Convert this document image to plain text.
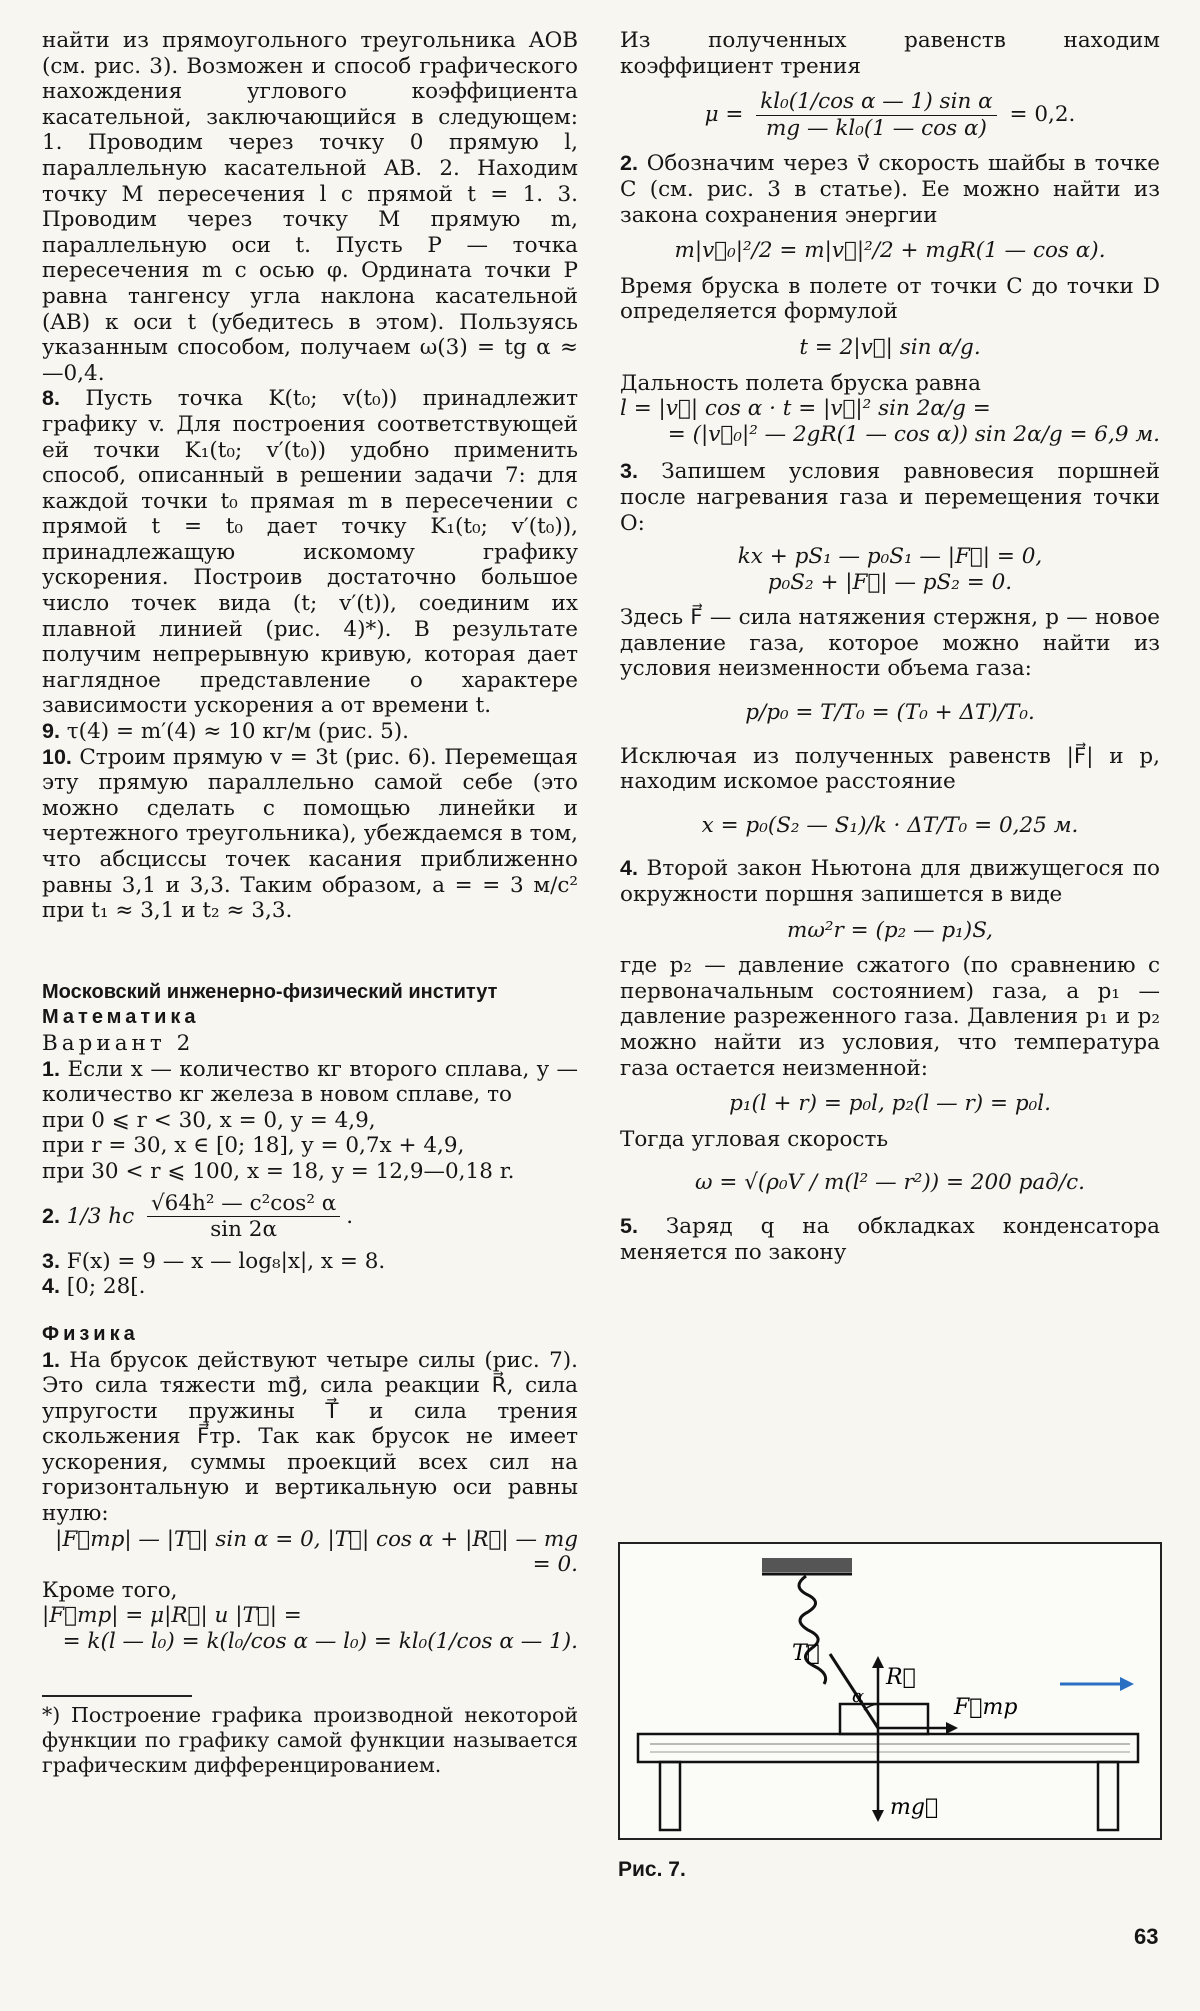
найти из прямоугольного треугольника AOB (см. рис. 3). Возможен и способ графического нахождения углового коэффициента касательной, заключающийся в следующем: 1. Проводим через точку 0 прямую l, параллельную касательной AB. 2. Находим точку M пересечения l с прямой t = 1. 3. Проводим через точку M прямую m, параллельную оси t. Пусть P — точка пересечения m с осью φ. Ордината точки P равна тангенсу угла наклона касательной (AB) к оси t (убедитесь в этом). Пользуясь указанным способом, получаем ω(3) = tg α ≈ —0,4.

8. Пусть точка K(t₀; v(t₀)) принадлежит графику v. Для построения соответствующей ей точки K₁(t₀; v′(t₀)) удобно применить способ, описанный в решении задачи 7: для каждой точки t₀ прямая m в пересечении с прямой t = t₀ дает точку K₁(t₀; v′(t₀)), принадлежащую искомому графику ускорения. Построив достаточно большое число точек вида (t; v′(t)), соединим их плавной линией (рис. 4)*). В результате получим непрерывную кривую, которая дает наглядное представление о характере зависимости ускорения a от времени t.

9. τ(4) = m′(4) ≈ 10 кг/м (рис. 5).

10. Строим прямую v = 3t (рис. 6). Перемещая эту прямую параллельно самой себе (это можно сделать с помощью линейки и чертежного треугольника), убеждаемся в том, что абсциссы точек касания приближенно равны 3,1 и 3,3. Таким образом, a = = 3 м/с² при t₁ ≈ 3,1 и t₂ ≈ 3,3.

Московский инженерно-физический институт

Математика

Вариант 2

1. Если x — количество кг второго сплава, y — количество кг железа в новом сплаве, то

при 0 ⩽ r < 30, x = 0, y = 4,9,

при r = 30, x ∈ [0; 18], y = 0,7x + 4,9,

при 30 < r ⩽ 100, x = 18, y = 12,9—0,18 r.

2. 1/3 hc $\frac{\text{√64h² — c²cos² α}}{\sin 2\alpha}$ .

3. F(x) = 9 — x — log₈|x|, x = 8.

4. [0; 28[.

Физика

1. На брусок действуют четыре силы (рис. 7). Это сила тяжести mg⃗, сила реакции R⃗, сила упругости пружины T⃗ и сила трения скольжения F⃗тр. Так как брусок не имеет ускорения, суммы проекций всех сил на горизонтальную и вертикальную оси равны нулю:

|F⃗тр| — |T⃗| sin α = 0, |T⃗| cos α + |R⃗| — mg = 0.

Кроме того,

|F⃗тр| = μ|R⃗| и |T⃗| =

= k(l — l₀) = k(l₀/cos α — l₀) = kl₀(1/cos α — 1).

*) Построение графика производной некоторой функции по графику самой функции называется графическим дифференцированием.

Из полученных равенств находим коэффициент трения

$\mu = \frac{\text{kl₀(1/cos α — 1) sin α}}{\text{mg — kl₀(1 — cos α)}} = 0,2$.

2. Обозначим через v⃗ скорость шайбы в точке C (см. рис. 3 в статье). Ее можно найти из закона сохранения энергии

m|v⃗₀|²/2 = m|v⃗|²/2 + mgR(1 — cos α).

Время бруска в полете от точки C до точки D определяется формулой

t = 2|v⃗| sin α/g.

Дальность полета бруска равна

l = |v⃗| cos α · t = |v⃗|² sin 2α/g =

= (|v⃗₀|² — 2gR(1 — cos α)) sin 2α/g = 6,9 м.

3. Запишем условия равновесия поршней после нагревания газа и перемещения точки O:

kx + pS₁ — p₀S₁ — |F⃗| = 0,
p₀S₂ + |F⃗| — pS₂ = 0.

Здесь F⃗ — сила натяжения стержня, p — новое давление газа, которое можно найти из условия неизменности объема газа:

p/p₀ = T/T₀ = (T₀ + ΔT)/T₀.

Исключая из полученных равенств |F⃗| и p, находим искомое расстояние

x = p₀(S₂ — S₁)/k · ΔT/T₀ = 0,25 м.

4. Второй закон Ньютона для движущегося по окружности поршня запишется в виде

mω²r = (p₂ — p₁)S,

где p₂ — давление сжатого (по сравнению с первоначальным состоянием) газа, a p₁ — давление разреженного газа. Давления p₁ и p₂ можно найти из условия, что температура газа остается неизменной:

p₁(l + r) = p₀l, p₂(l — r) = p₀l.

Тогда угловая скорость

ω = √(ρ₀V / m(l² — r²)) = 200 рад/с.

5. Заряд q на обкладках конденсатора меняется по закону

T⃗
R⃗
F⃗тр
α
mg⃗
Рис. 7.
63
